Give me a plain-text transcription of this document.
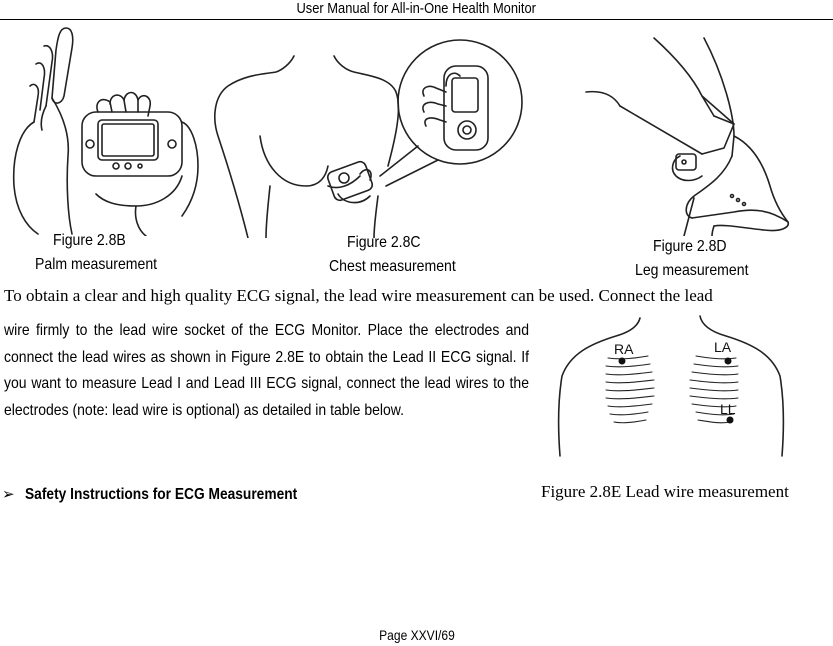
User Manual for All-in-One Health Monitor
Figure 2.8B
Palm measurement
Figure 2.8C
Chest measurement
Figure 2.8D
Leg measurement
To obtain a clear and high quality ECG signal, the lead wire measurement can be used. Connect the lead
wire firmly to the lead wire socket of the ECG Monitor. Place the electrodes and connect the lead wires as shown in Figure 2.8E to obtain the Lead II ECG signal. If you want to measure Lead I and Lead III ECG signal, connect the lead wires to the electrodes (note: lead wire is optional) as detailed in table below.
RA	LA
LL
➢ Safety Instructions for ECG Measurement	Figure 2.8E Lead wire measurement
Page XXVI/69
